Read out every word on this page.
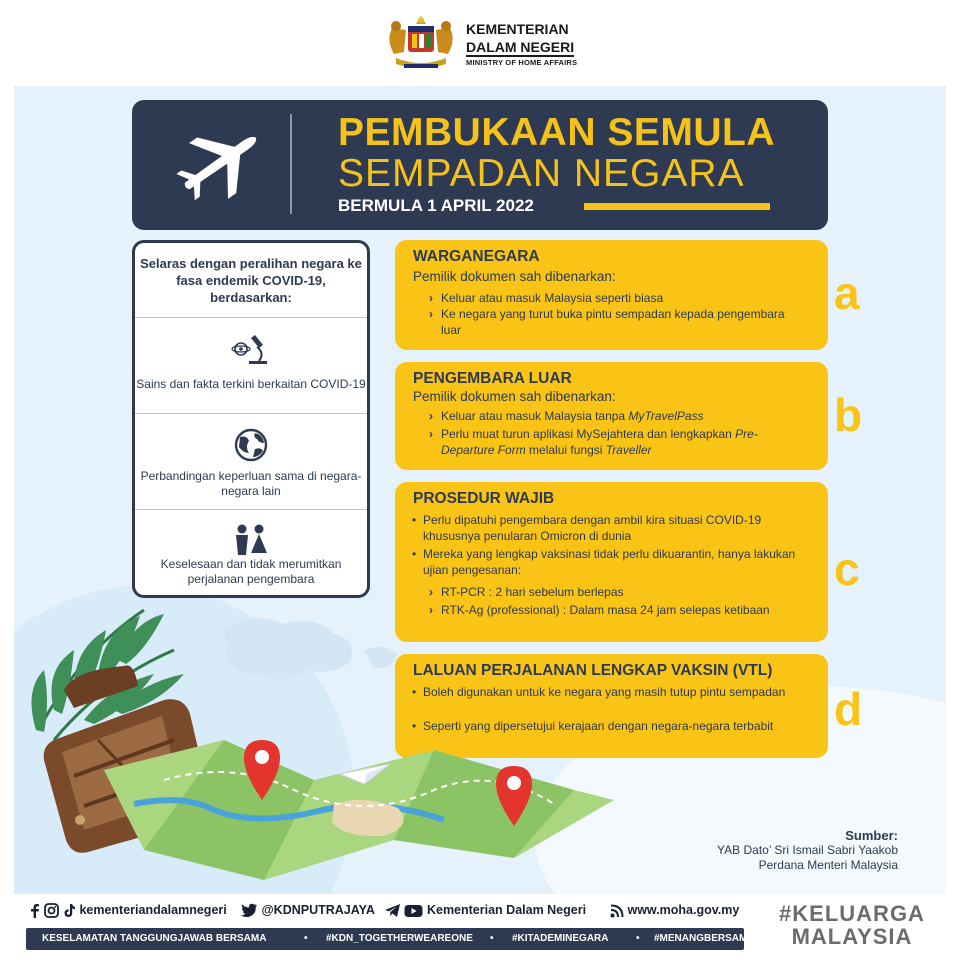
KEMENTERIAN
DALAM NEGERI
MINISTRY OF HOME AFFAIRS
PEMBUKAAN SEMULA
SEMPADAN NEGARA
BERMULA 1 APRIL 2022
Selaras dengan peralihan negara ke fasa endemik COVID-19, berdasarkan:
Sains dan fakta terkini berkaitan COVID-19
Perbandingan keperluan sama di negara-negara lain
Keselesaan dan tidak merumitkan perjalanan pengembara
WARGANEGARA
Pemilik dokumen sah dibenarkan:
› Keluar atau masuk Malaysia seperti biasa
› Ke negara yang turut buka pintu sempadan kepada pengembara luar
a
PENGEMBARA LUAR
Pemilik dokumen sah dibenarkan:
› Keluar atau masuk Malaysia tanpa MyTravelPass
› Perlu muat turun aplikasi MySejahtera dan lengkapkan Pre-Departure Form melalui fungsi Traveller
b
PROSEDUR WAJIB
• Perlu dipatuhi pengembara dengan ambil kira situasi COVID-19 khususnya penularan Omicron di dunia
• Mereka yang lengkap vaksinasi tidak perlu dikuarantin, hanya lakukan ujian pengesanan:
› RT-PCR : 2 hari sebelum berlepas
› RTK-Ag (professional) : Dalam masa 24 jam selepas ketibaan
c
LALUAN PERJALANAN LENGKAP VAKSIN (VTL)
• Boleh digunakan untuk ke negara yang masih tutup pintu sempadan
• Seperti yang dipersetujui kerajaan dengan negara-negara terbabit	d
Sumber:
YAB Dato’ Sri Ismail Sabri Yaakob
Perdana Menteri Malaysia
kementeriandalamnegeri	@KDNPUTRAJAYA	Kementerian Dalam Negeri	www.moha.gov.my
KESELAMATAN TANGGUNGJAWAB BERSAMA	• #KDN_TOGETHERWEAREONE • #KITADEMINEGARA	• #MENANGBERSAMA
#KELUARGA
MALAYSIA
